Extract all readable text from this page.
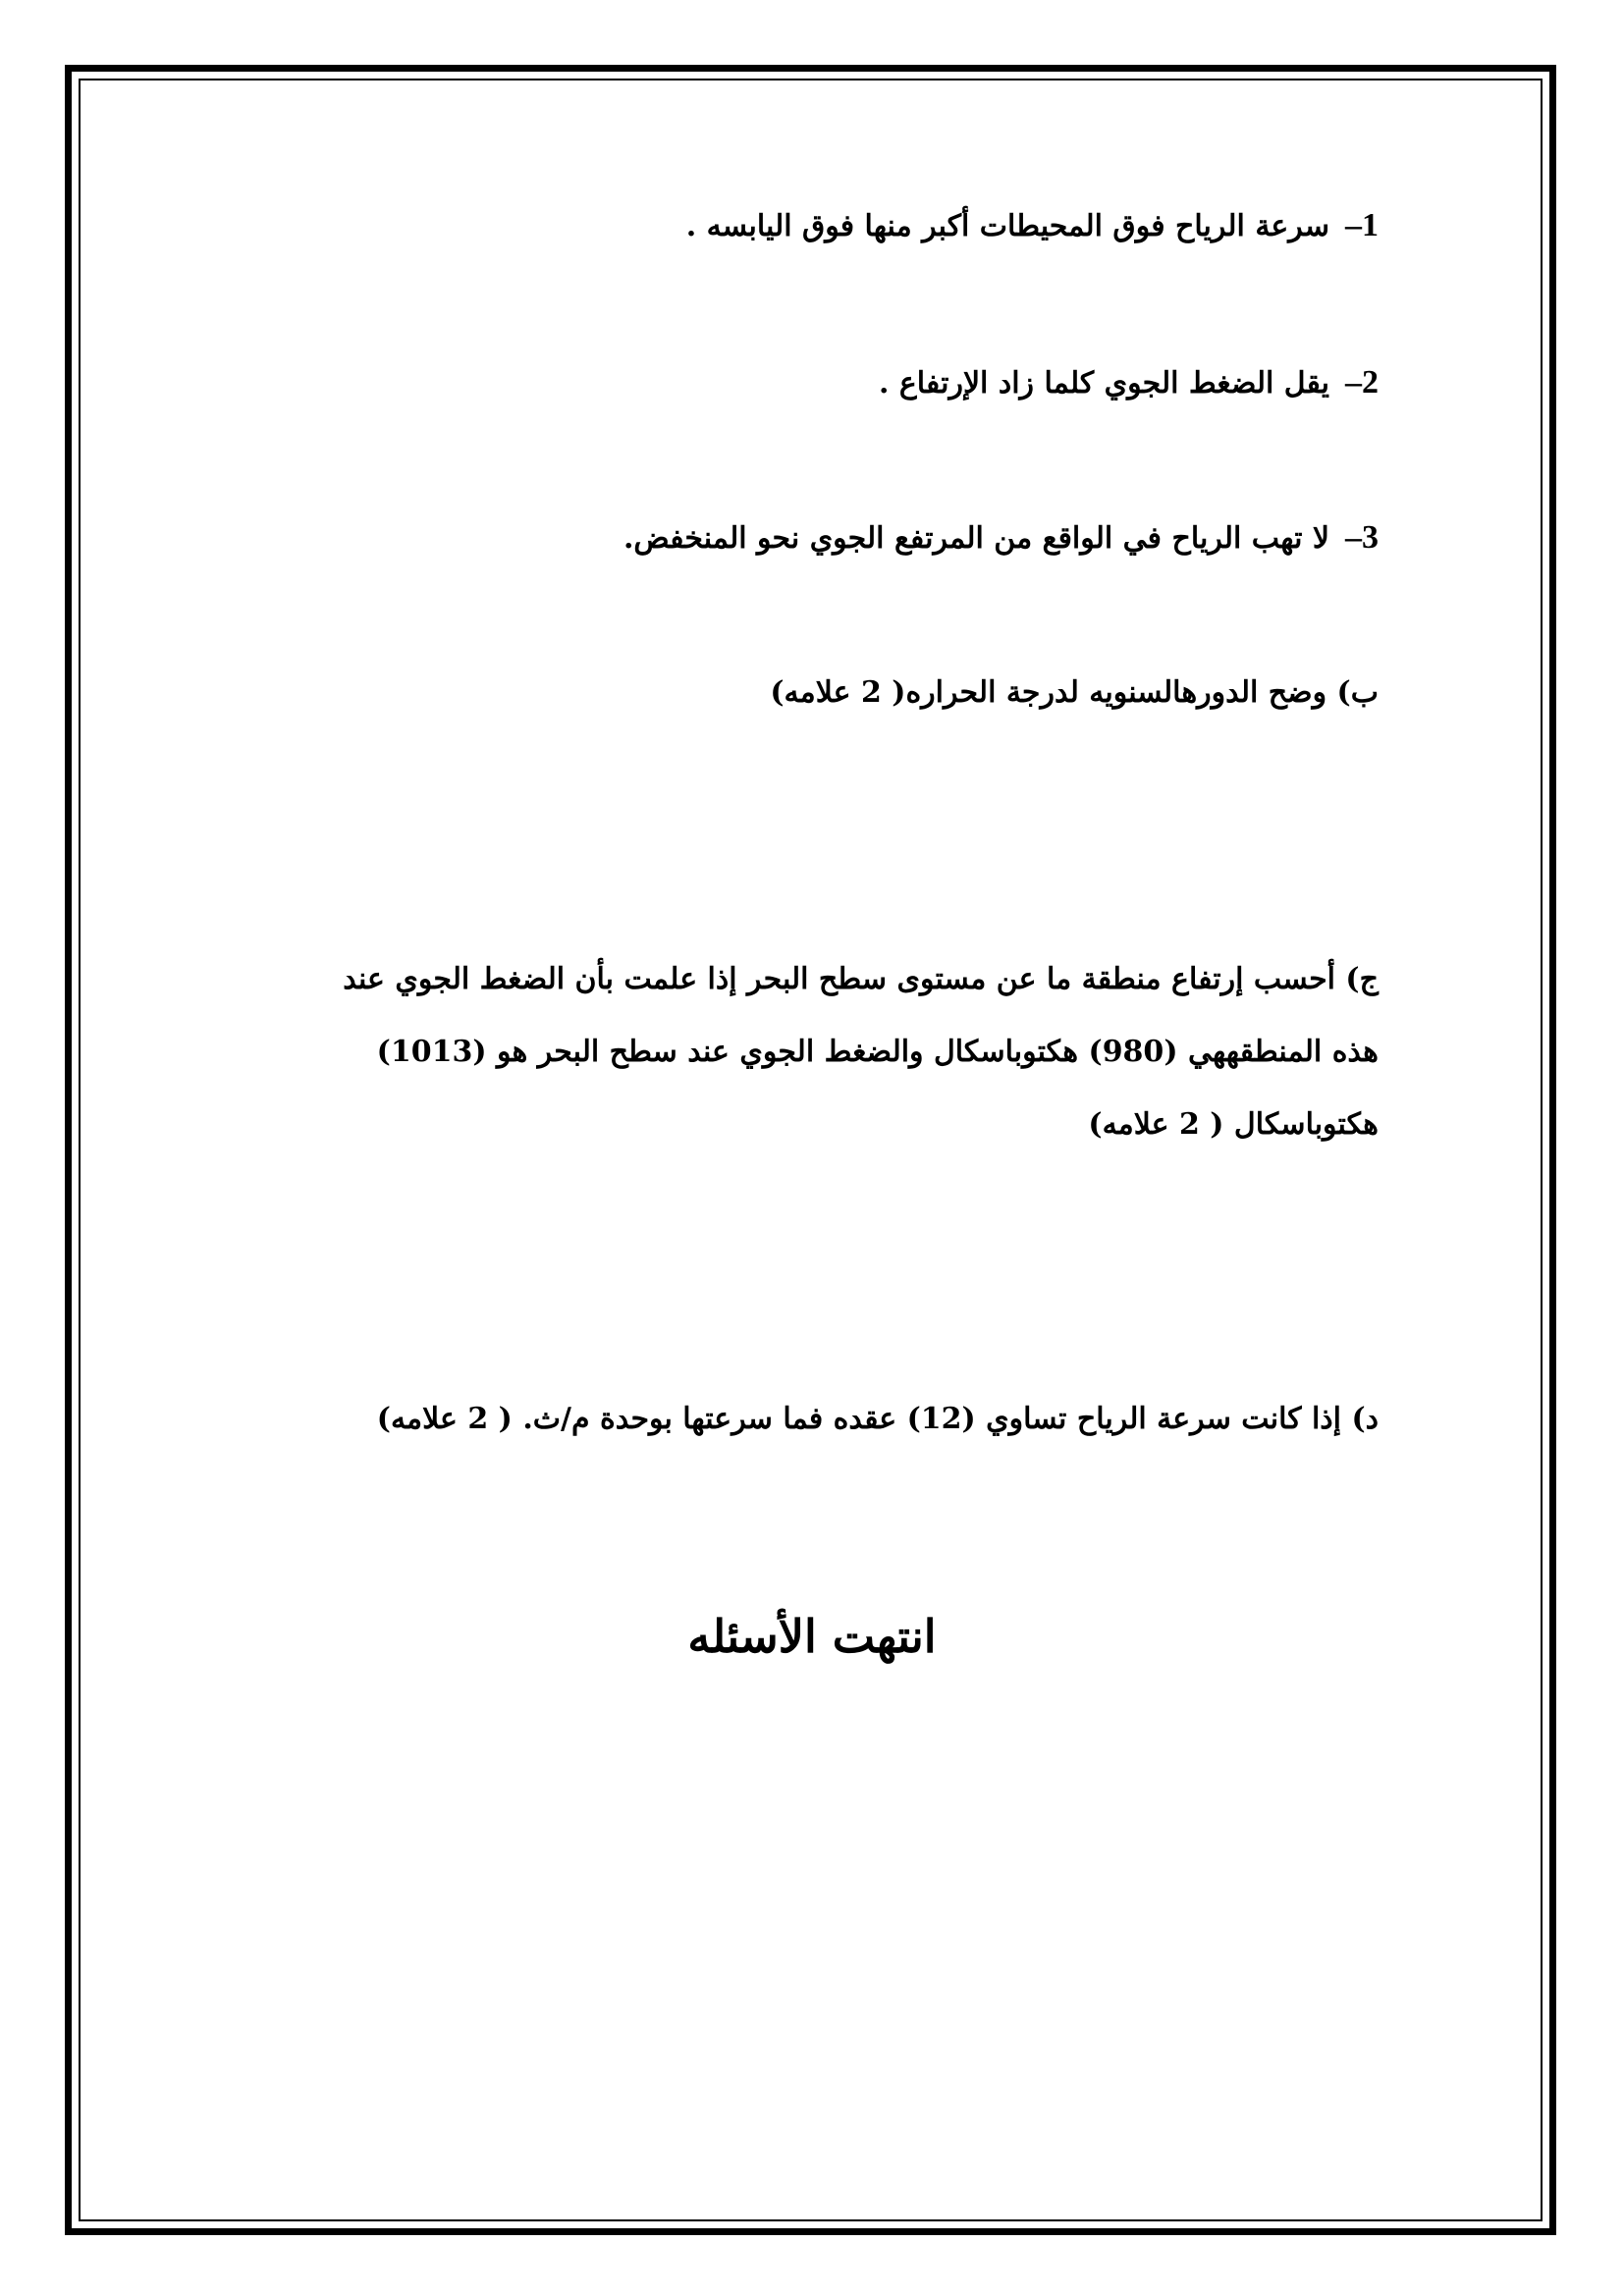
1–سرعة الرياح فوق المحيطات أكبر منها فوق اليابسه .
2–يقل الضغط الجوي كلما زاد الإرتفاع .
3–لا تهب الرياح في الواقع من المرتفع الجوي نحو المنخفض.
ب) وضح الدورهالسنويه لدرجة الحراره( 2 علامه)
ج) أحسب إرتفاع منطقة ما عن مستوى سطح البحر إذا علمت بأن الضغط الجوي عند
هذه المنطقههي (980) هكتوباسكال والضغط الجوي عند سطح البحر هو (1013)
هكتوباسكال ( 2 علامه)
د) إذا كانت سرعة الرياح تساوي (12) عقده فما سرعتها بوحدة م/ث. ( 2 علامه)
انتهت الأسئله
